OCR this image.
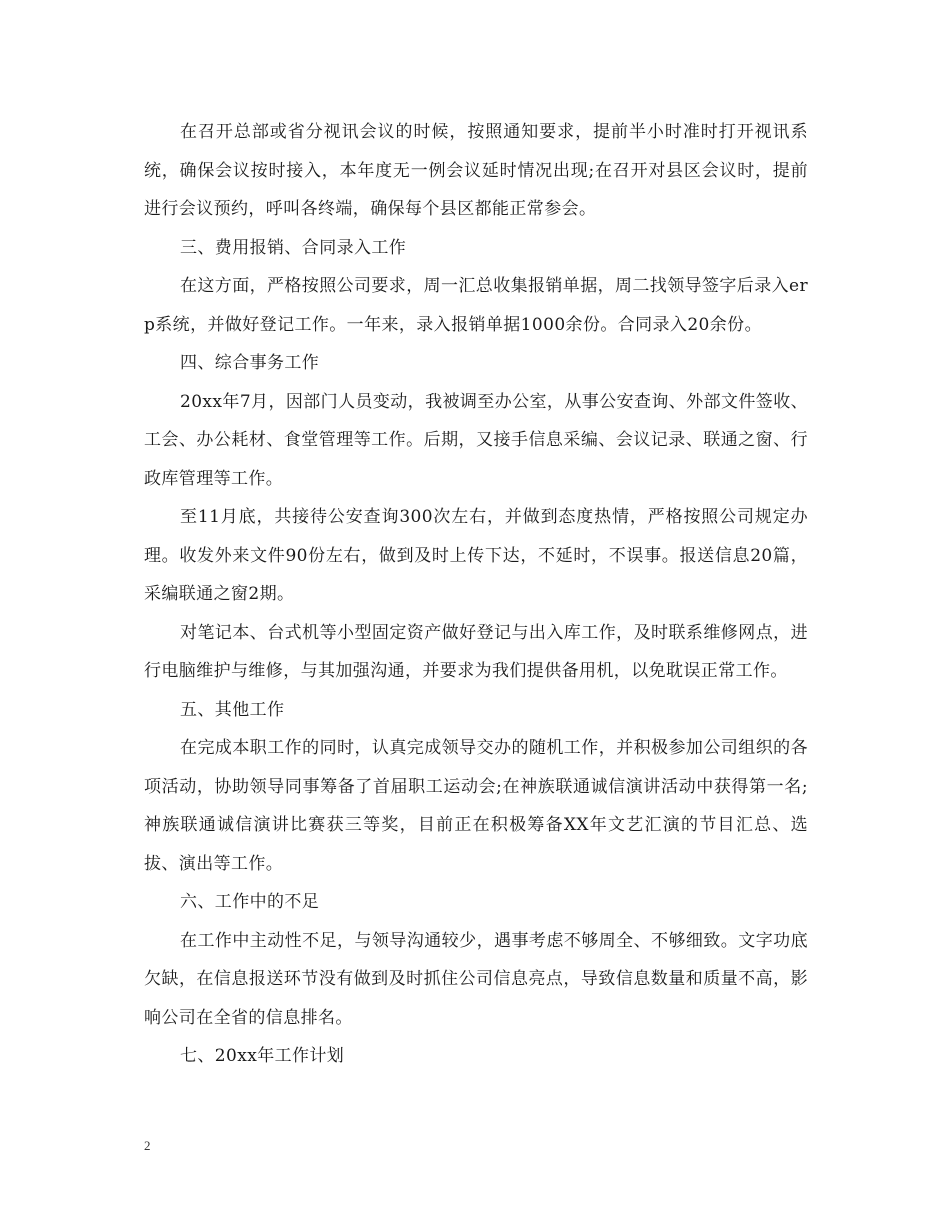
在召开总部或省分视讯会议的时候，按照通知要求，提前半小时准时打开视讯系统，确保会议按时接入，本年度无一例会议延时情况出现;在召开对县区会议时，提前进行会议预约，呼叫各终端，确保每个县区都能正常参会。

三、费用报销、合同录入工作

在这方面，严格按照公司要求，周一汇总收集报销单据，周二找领导签字后录入erp系统，并做好登记工作。一年来，录入报销单据1000余份。合同录入20余份。

四、综合事务工作

20xx年7月，因部门人员变动，我被调至办公室，从事公安查询、外部文件签收、工会、办公耗材、食堂管理等工作。后期，又接手信息采编、会议记录、联通之窗、行政库管理等工作。

至11月底，共接待公安查询300次左右，并做到态度热情，严格按照公司规定办理。收发外来文件90份左右，做到及时上传下达，不延时，不误事。报送信息20篇，采编联通之窗2期。

对笔记本、台式机等小型固定资产做好登记与出入库工作，及时联系维修网点，进行电脑维护与维修，与其加强沟通，并要求为我们提供备用机，以免耽误正常工作。

五、其他工作

在完成本职工作的同时，认真完成领导交办的随机工作，并积极参加公司组织的各项活动，协助领导同事筹备了首届职工运动会;在神族联通诚信演讲活动中获得第一名;神族联通诚信演讲比赛获三等奖，目前正在积极筹备XX年文艺汇演的节目汇总、选拔、演出等工作。

六、工作中的不足

在工作中主动性不足，与领导沟通较少，遇事考虑不够周全、不够细致。文字功底欠缺，在信息报送环节没有做到及时抓住公司信息亮点，导致信息数量和质量不高，影响公司在全省的信息排名。

七、20xx年工作计划

2
